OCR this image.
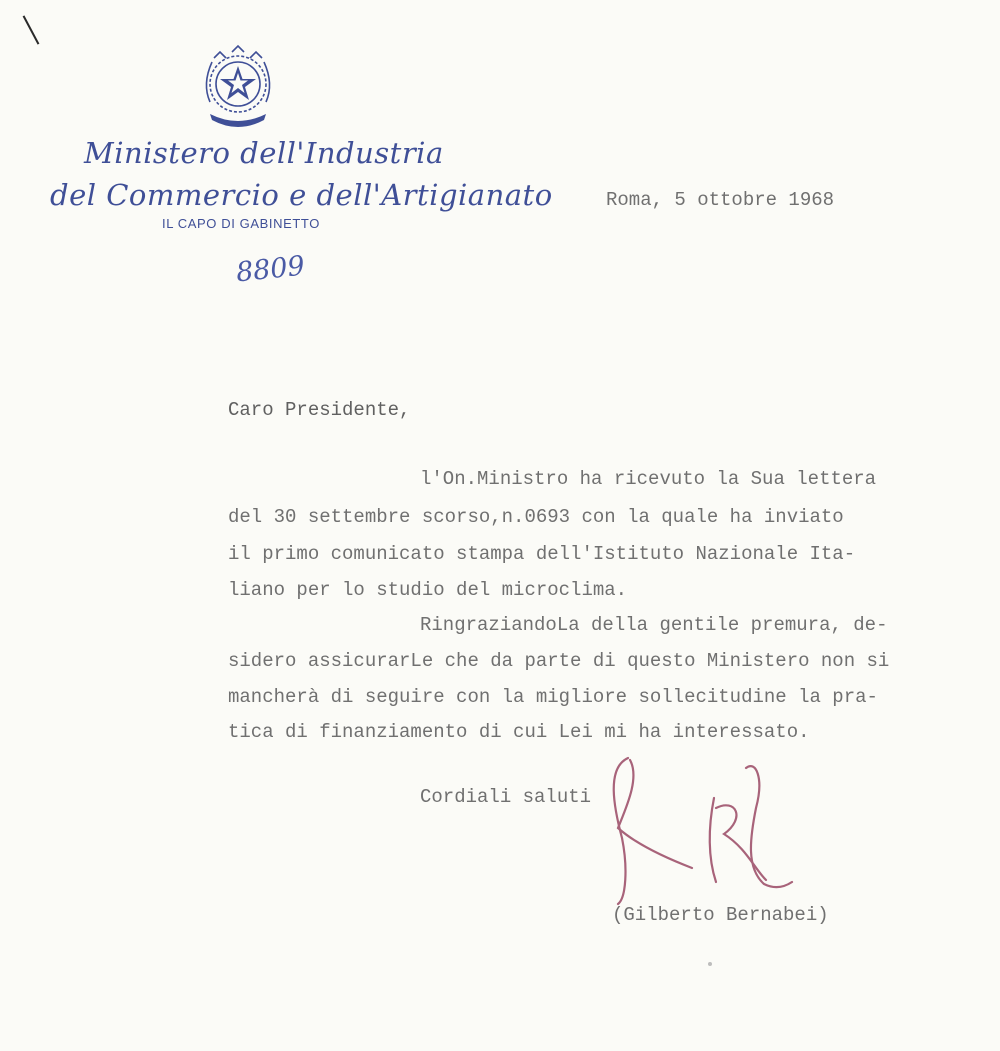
Ministero dell'Industria
del Commercio e dell'Artigianato
IL CAPO DI GABINETTO
8809
Roma, 5 ottobre 1968
Caro Presidente,
l'On.Ministro ha ricevuto la Sua lettera
del 30 settembre scorso,n.0693 con la quale ha inviato
il primo comunicato stampa dell'Istituto Nazionale Ita-
liano per lo studio del microclima.
RingraziandoLa della gentile premura, de-
sidero assicurarLe che da parte di questo Ministero non si
mancherà di seguire con la migliore sollecitudine la pra-
tica di finanziamento di cui Lei mi ha interessato.
Cordiali saluti
(Gilberto Bernabei)
